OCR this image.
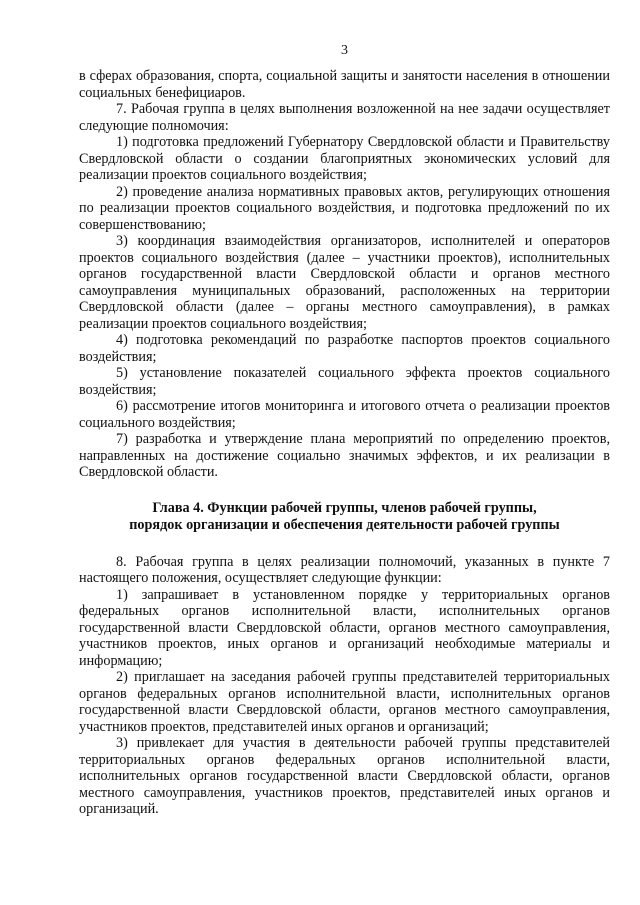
3

в сферах образования, спорта, социальной защиты и занятости населения в отношении социальных бенефициаров.

7. Рабочая группа в целях выполнения возложенной на нее задачи осуществляет следующие полномочия:

1) подготовка предложений Губернатору Свердловской области и Правительству Свердловской области о создании благоприятных экономических условий для реализации проектов социального воздействия;

2) проведение анализа нормативных правовых актов, регулирующих отношения по реализации проектов социального воздействия, и подготовка предложений по их совершенствованию;

3) координация взаимодействия организаторов, исполнителей и операторов проектов социального воздействия (далее – участники проектов), исполнительных органов государственной власти Свердловской области и органов местного самоуправления муниципальных образований, расположенных на территории Свердловской области (далее – органы местного самоуправления), в рамках реализации проектов социального воздействия;

4) подготовка рекомендаций по разработке паспортов проектов социального воздействия;

5) установление показателей социального эффекта проектов социального воздействия;

6) рассмотрение итогов мониторинга и итогового отчета о реализации проектов социального воздействия;

7) разработка и утверждение плана мероприятий по определению проектов, направленных на достижение социально значимых эффектов, и их реализации в Свердловской области.

Глава 4. Функции рабочей группы, членов рабочей группы,
порядок организации и обеспечения деятельности рабочей группы

8. Рабочая группа в целях реализации полномочий, указанных в пункте 7 настоящего положения, осуществляет следующие функции:

1) запрашивает в установленном порядке у территориальных органов федеральных органов исполнительной власти, исполнительных органов государственной власти Свердловской области, органов местного самоуправления, участников проектов, иных органов и организаций необходимые материалы и информацию;

2) приглашает на заседания рабочей группы представителей территориальных органов федеральных органов исполнительной власти, исполнительных органов государственной власти Свердловской области, органов местного самоуправления, участников проектов, представителей иных органов и организаций;

3) привлекает для участия в деятельности рабочей группы представителей территориальных органов федеральных органов исполнительной власти, исполнительных органов государственной власти Свердловской области, органов местного самоуправления, участников проектов, представителей иных органов и организаций.
